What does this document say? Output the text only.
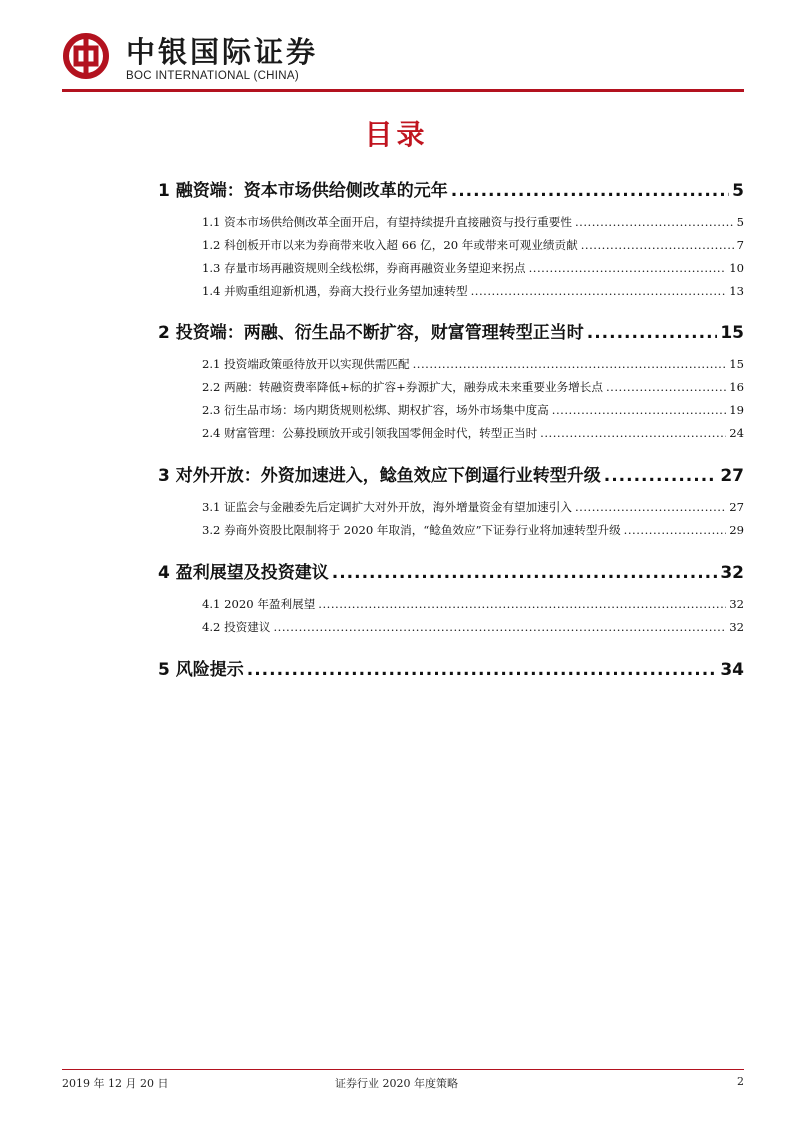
中银国际证券
BOC INTERNATIONAL (CHINA)
目录
1 融资端：资本市场供给侧改革的元年 .....	5
1.1 资本市场供给侧改革全面开启，有望持续提升直接融资与投行重要性 .....	5
1.2 科创板开市以来为券商带来收入超 66 亿，20 年或带来可观业绩贡献 .....	7
1.3 存量市场再融资规则全线松绑，券商再融资业务望迎来拐点 .....	10
1.4 并购重组迎新机遇，券商大投行业务望加速转型 .....	13
2 投资端：两融、衍生品不断扩容，财富管理转型正当时 .....	15
2.1 投资端政策亟待放开以实现供需匹配 .....	15
2.2 两融：转融资费率降低+标的扩容+券源扩大，融券成未来重要业务增长点 .....	16
2.3 衍生品市场：场内期货规则松绑、期权扩容，场外市场集中度高 .....	19
2.4 财富管理：公募投顾放开或引领我国零佣金时代，转型正当时 .....	24
3 对外开放：外资加速进入，鲶鱼效应下倒逼行业转型升级 .....	27
3.1 证监会与金融委先后定调扩大对外开放，海外增量资金有望加速引入 .....	27
3.2 券商外资股比限制将于 2020 年取消，“鲶鱼效应”下证券行业将加速转型升级 .....	29
4 盈利展望及投资建议 .....	32
4.1 2020 年盈利展望 .....	32
4.2 投资建议 .....	32
5 风险提示 .....	34
2019 年 12 月 20 日	证券行业 2020 年度策略	2
